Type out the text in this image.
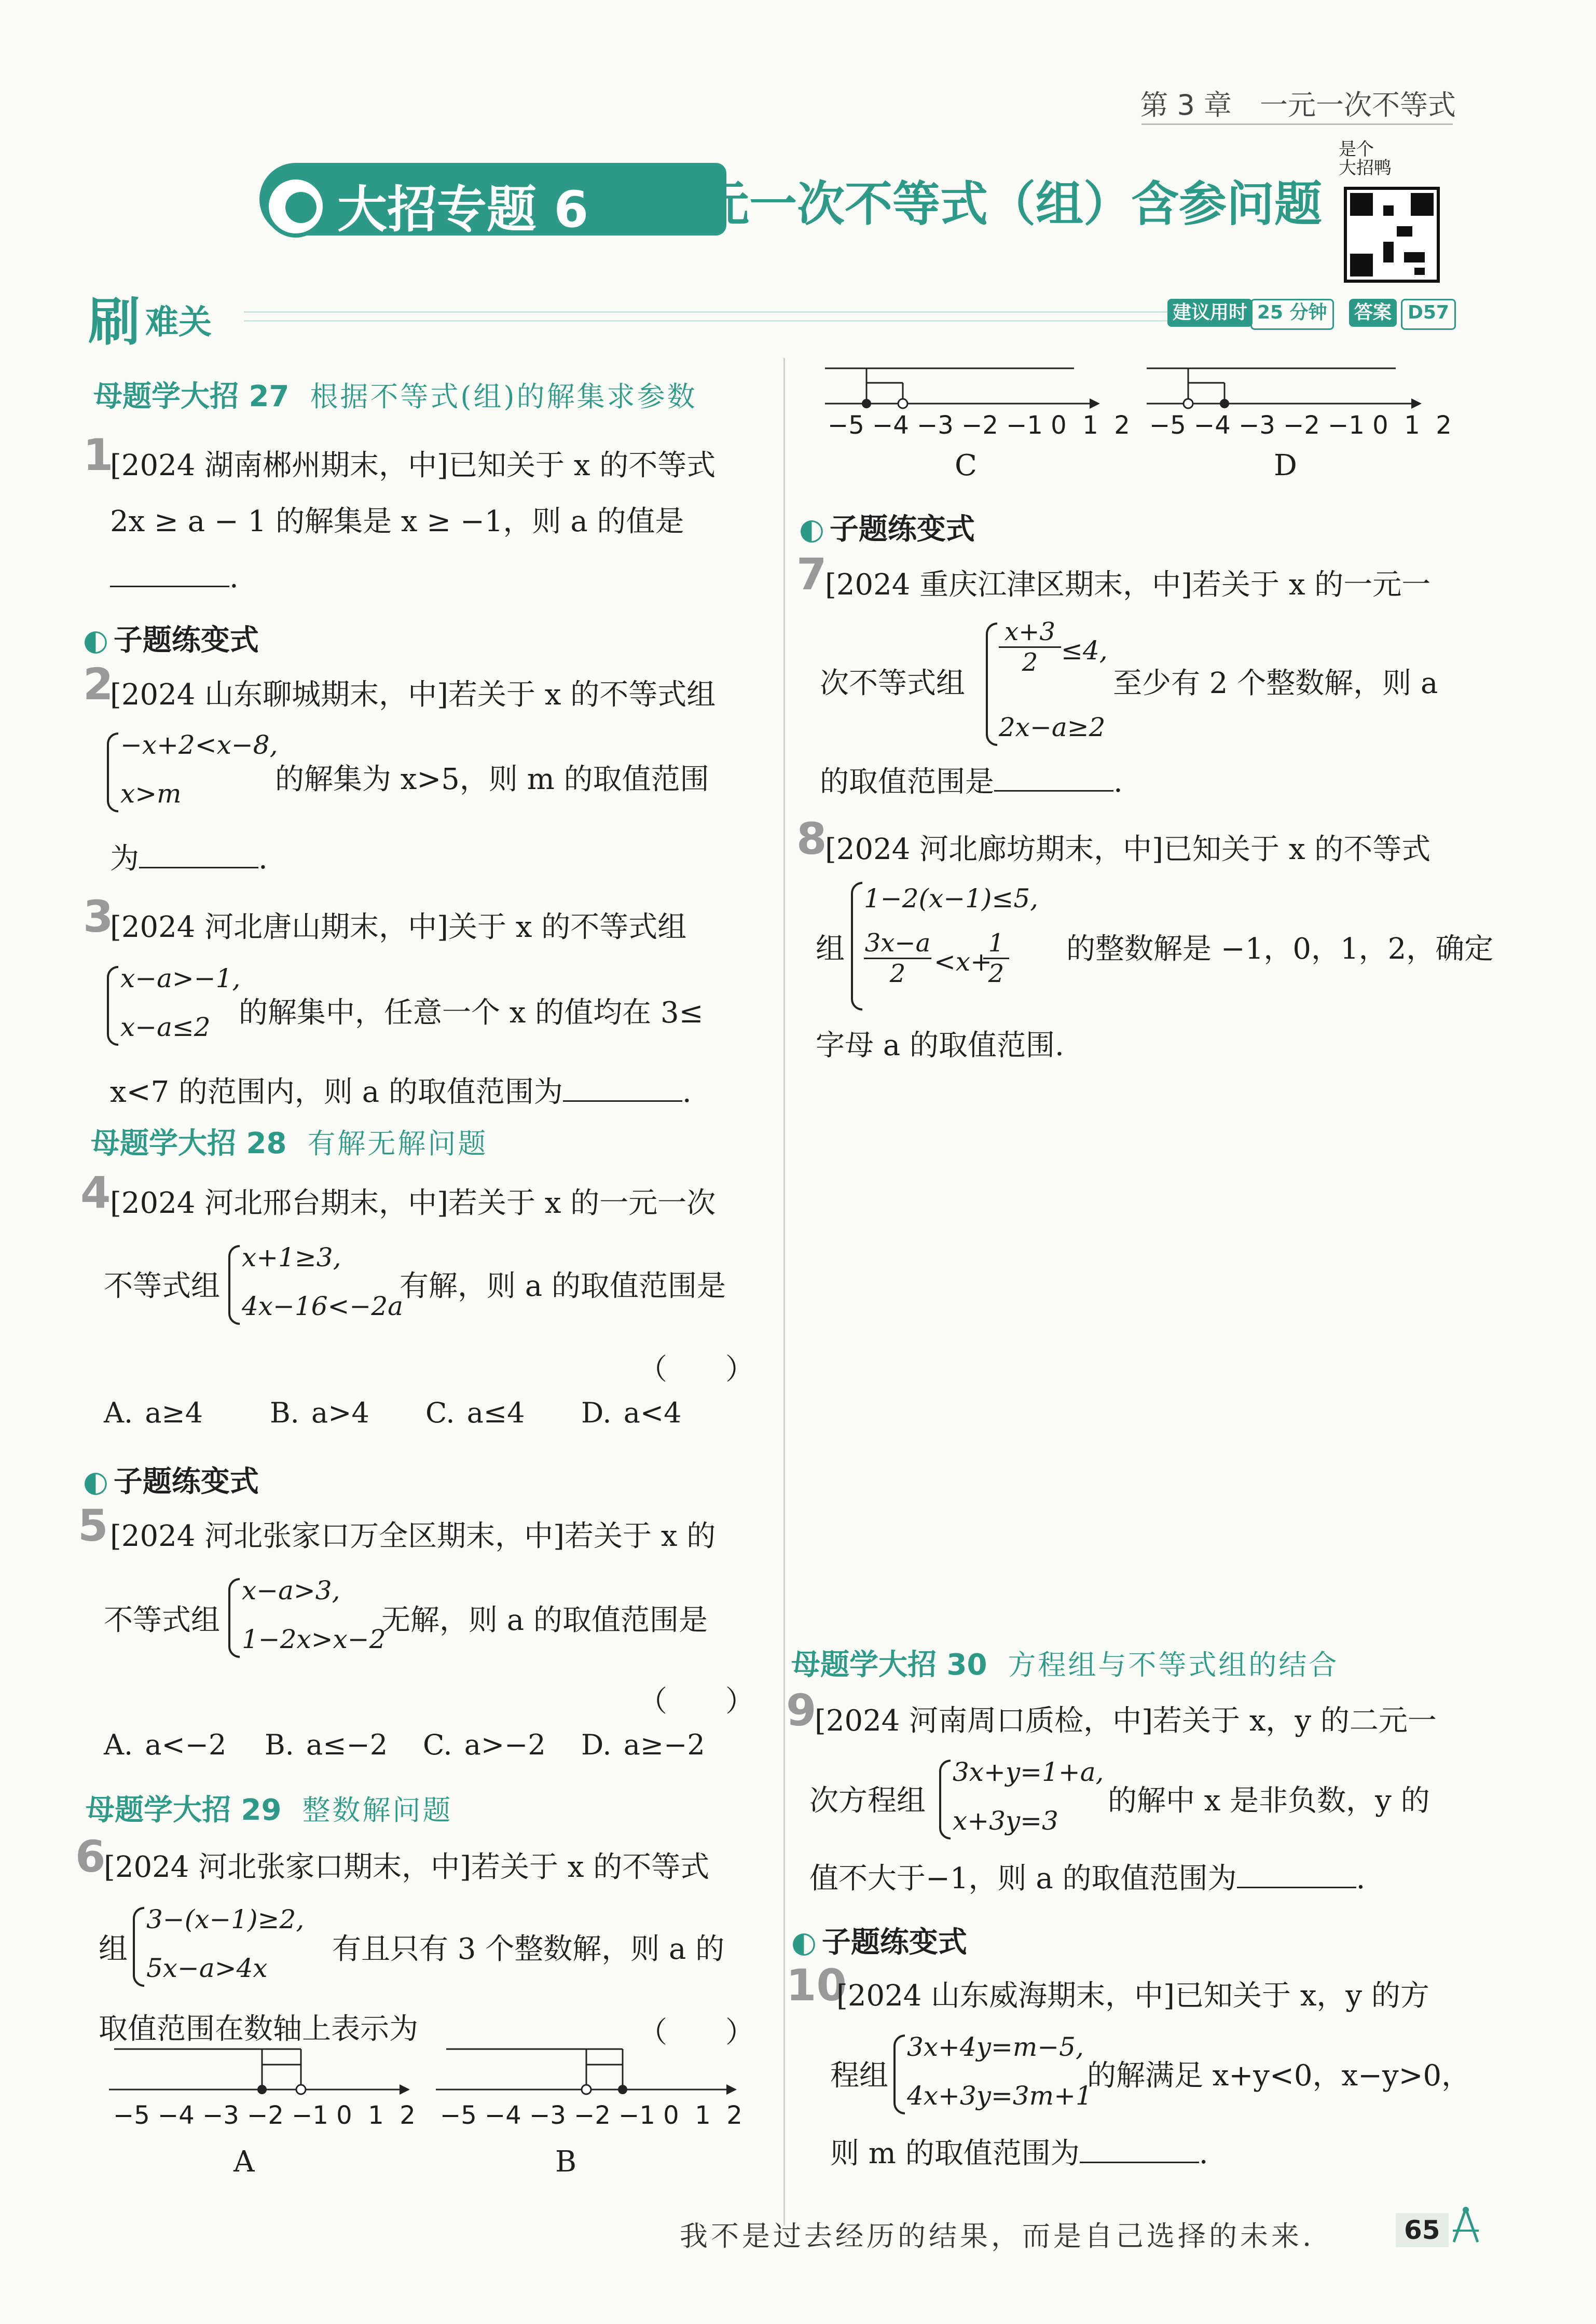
第 3 章　一元一次不等式
大招专题 6 一元一次不等式（组）含参问题
是个
大招鸭
刷 难关	建议用时 25 分钟	答案 D57
母题学大招 27 根据不等式(组)的解集求参数
1
[2024 湖南郴州期末，中]已知关于 x 的不等式
2x ≥ a − 1 的解集是 x ≥ −1，则 a 的值是
.
◐ 子题练变式
2
[2024 山东聊城期末，中]若关于 x 的不等式组
−x+2<x−8,
x>m	的解集为 x>5，则 m 的取值范围
为	.
3
[2024 河北唐山期末，中]关于 x 的不等式组
x−a>−1,
x−a≤2 的解集中，任意一个 x 的值均在 3≤
x<7 的范围内，则 a 的取值范围为	.
母题学大招 28 有解无解问题
4
[2024 河北邢台期末，中]若关于 x 的一元一次
不等式组
x+1≥3,
4x−16<−2a
有解，则 a 的取值范围是
（　　）
A. a≥4 B. a>4 C. a≤4 D. a<4
◐ 子题练变式
5 [2024 河北张家口万全区期末，中]若关于 x 的
不等式组
x−a>3,
1−2x>x−2
无解，则 a 的取值范围是
（　　）
A. a<−2 B. a≤−2 C. a>−2 D. a≥−2
母题学大招 29 整数解问题
6
[2024 河北张家口期末，中]若关于 x 的不等式
组
3−(x−1)≥2,
5x−a>4x
有且只有 3 个整数解，则 a 的
取值范围在数轴上表示为	（　　）
−5 −4 −3 −2 −1 0 1 2 −5 −4 −3 −2 −1 0 1 2
A	B
−5 −4 −3 −2 −1 0 1 2 −5 −4 −3 −2 −1 0 1 2
C	D
◐ 子题练变式
7
[2024 重庆江津区期末，中]若关于 x 的一元一
次不等式组
$\frac{x+3}{2} \le 4$,
2x−a≥2
至少有 2 个整数解，则 a
的取值范围是	.
8
[2024 河北廊坊期末，中]已知关于 x 的不等式
组
1−2(x−1)≤5,
$\frac{3x-a}{2} <x+$
$\frac{1}{2}$ 的整数解是 −1，0，1，2，确定
字母 a 的取值范围.
母题学大招 30 方程组与不等式组的结合
9
[2024 河南周口质检，中]若关于 x，y 的二元一
次方程组
3x+y=1+a,
x+3y=3
的解中 x 是非负数，y 的
值不大于−1，则 a 的取值范围为	.
◐ 子题练变式
10
[2024 山东威海期末，中]已知关于 x，y 的方
程组
3x+4y=m−5,
4x+3y=3m+1
的解满足 x+y<0，x−y>0，
则 m 的取值范围为	.
我不是过去经历的结果，而是自己选择的未来.	65
